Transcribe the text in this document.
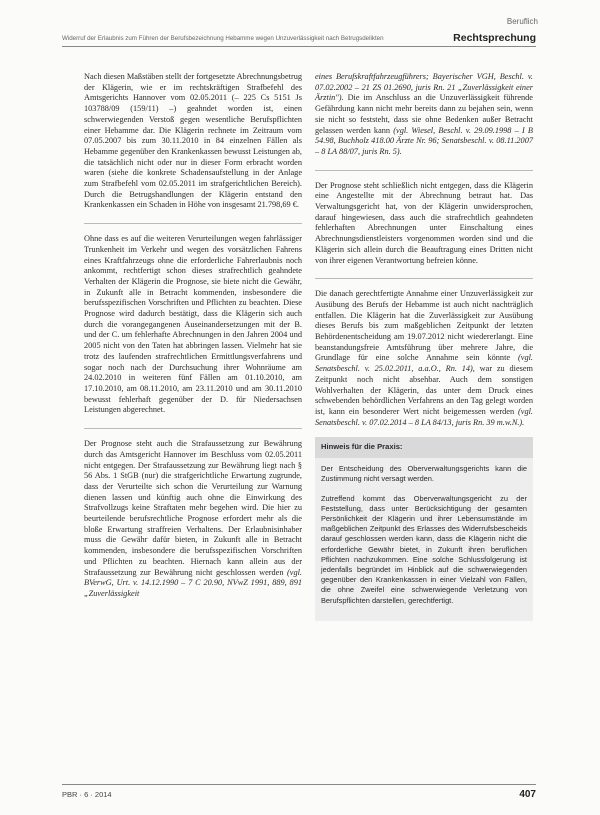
Beruflich
Widerruf der Erlaubnis zum Führen der Berufsbezeichnung Hebamme wegen Unzuverlässigkeit nach Betrugsdelikten	Rechtsprechung

Nach diesen Maßstäben stellt der fortgesetzte Abrechnungsbetrug der Klägerin, wie er im rechtskräftigen Strafbefehl des Amtsgerichts Hannover vom 02.05.2011 (– 225 Cs 5151 Js 103788/09 (159/11) –) geahndet worden ist, einen schwerwiegenden Verstoß gegen wesentliche Berufspflichten einer Hebamme dar. Die Klägerin rechnete im Zeitraum vom 07.05.2007 bis zum 30.11.2010 in 84 einzelnen Fällen als Hebamme gegenüber den Krankenkassen bewusst Leistungen ab, die tatsächlich nicht oder nur in dieser Form erbracht worden waren (siehe die konkrete Schadensaufstellung in der Anlage zum Strafbefehl vom 02.05.2011 im strafgerichtlichen Bereich). Durch die Betrugshandlungen der Klägerin entstand den Krankenkassen ein Schaden in Höhe von insgesamt 21.798,69 €.

Ohne dass es auf die weiteren Verurteilungen wegen fahrlässiger Trunkenheit im Verkehr und wegen des vorsätzlichen Fahrens eines Kraftfahrzeugs ohne die erforderliche Fahrerlaubnis noch ankommt, rechtfertigt schon dieses strafrechtlich geahndete Verhalten der Klägerin die Prognose, sie biete nicht die Gewähr, in Zukunft alle in Betracht kommenden, insbesondere die berufsspezifischen Vorschriften und Pflichten zu beachten. Diese Prognose wird dadurch bestätigt, dass die Klägerin sich auch durch die vorangegangenen Auseinandersetzungen mit der B. und der C. um fehlerhafte Abrechnungen in den Jahren 2004 und 2005 nicht von den Taten hat abbringen lassen. Vielmehr hat sie trotz des laufenden strafrechtlichen Ermittlungsverfahrens und sogar noch nach der Durchsuchung ihrer Wohnräume am 24.02.2010 in weiteren fünf Fällen am 01.10.2010, am 17.10.2010, am 08.11.2010, am 23.11.2010 und am 30.11.2010 bewusst fehlerhaft gegenüber der D. für Niedersachsen Leistungen abgerechnet.

Der Prognose steht auch die Strafaussetzung zur Bewährung durch das Amtsgericht Hannover im Beschluss vom 02.05.2011 nicht entgegen. Der Strafaussetzung zur Bewährung liegt nach § 56 Abs. 1 StGB (nur) die strafgerichtliche Erwartung zugrunde, dass der Verurteilte sich schon die Verurteilung zur Warnung dienen lassen und künftig auch ohne die Einwirkung des Strafvollzugs keine Straftaten mehr begehen wird. Die hier zu beurteilende berufsrechtliche Prognose erfordert mehr als die bloße Erwartung straffreien Verhaltens. Der Erlaubnisinhaber muss die Gewähr dafür bieten, in Zukunft alle in Betracht kommenden, insbesondere die berufsspezifischen Vorschriften und Pflichten zu beachten. Hiernach kann allein aus der Strafaussetzung zur Bewährung nicht geschlossen werden (vgl. BVerwG, Urt. v. 14.12.1990 – 7 C 20.90, NVwZ 1991, 889, 891 „Zuverlässigkeit

eines Berufskraftfahrzeugführers; Bayerischer VGH, Beschl. v. 07.02.2002 – 21 ZS 01.2690, juris Rn. 21 „Zuverlässigkeit einer Ärztin"). Die im Anschluss an die Unzuverlässigkeit führende Gefährdung kann nicht mehr bereits dann zu bejahen sein, wenn sie nicht so feststeht, dass sie ohne Bedenken außer Betracht gelassen werden kann (vgl. Wiesel, Beschl. v. 29.09.1998 – I B 54.98, Buchholz 418.00 Ärzte Nr. 96; Senatsbeschl. v. 08.11.2007 – 8 LA 88/07, juris Rn. 5).

Der Prognose steht schließlich nicht entgegen, dass die Klägerin eine Angestellte mit der Abrechnung betraut hat. Das Verwaltungsgericht hat, von der Klägerin unwidersprochen, darauf hingewiesen, dass auch die strafrechtlich geahndeten fehlerhaften Abrechnungen unter Einschaltung eines Abrechnungsdienstleisters vorgenommen worden sind und die Klägerin sich allein durch die Beauftragung eines Dritten nicht von ihrer eigenen Verantwortung befreien könne.

Die danach gerechtfertigte Annahme einer Unzuverlässigkeit zur Ausübung des Berufs der Hebamme ist auch nicht nachträglich entfallen. Die Klägerin hat die Zuverlässigkeit zur Ausübung dieses Berufs bis zum maßgeblichen Zeitpunkt der letzten Behördenentscheidung am 19.07.2012 nicht wiedererlangt. Eine beanstandungsfreie Amtsführung über mehrere Jahre, die Grundlage für eine solche Annahme sein könnte (vgl. Senatsbeschl. v. 25.02.2011, a.a.O., Rn. 14), war zu diesem Zeitpunkt noch nicht absehbar. Auch dem sonstigen Wohlverhalten der Klägerin, das unter dem Druck eines schwebenden behördlichen Verfahrens an den Tag gelegt worden ist, kann ein besonderer Wert nicht beigemessen werden (vgl. Senatsbeschl. v. 07.02.2014 – 8 LA 84/13, juris Rn. 39 m.w.N.).

Hinweis für die Praxis:

Der Entscheidung des Oberverwaltungsgerichts kann die Zustimmung nicht versagt werden.

Zutreffend kommt das Oberverwaltungsgericht zu der Feststellung, dass unter Berücksichtigung der gesamten Persönlichkeit der Klägerin und ihrer Lebensumstände im maßgeblichen Zeitpunkt des Erlasses des Widerrufsbescheids darauf geschlossen werden kann, dass die Klägerin nicht die erforderliche Gewähr bietet, in Zukunft ihren beruflichen Pflichten nachzukommen. Eine solche Schlussfolgerung ist jedenfalls begründet im Hinblick auf die schwerwiegenden gegenüber den Krankenkassen in einer Vielzahl von Fällen, die ohne Zweifel eine schwerwiegende Verletzung von Berufspflichten darstellen, gerechtfertigt.

PBR · 6 · 2014	407
